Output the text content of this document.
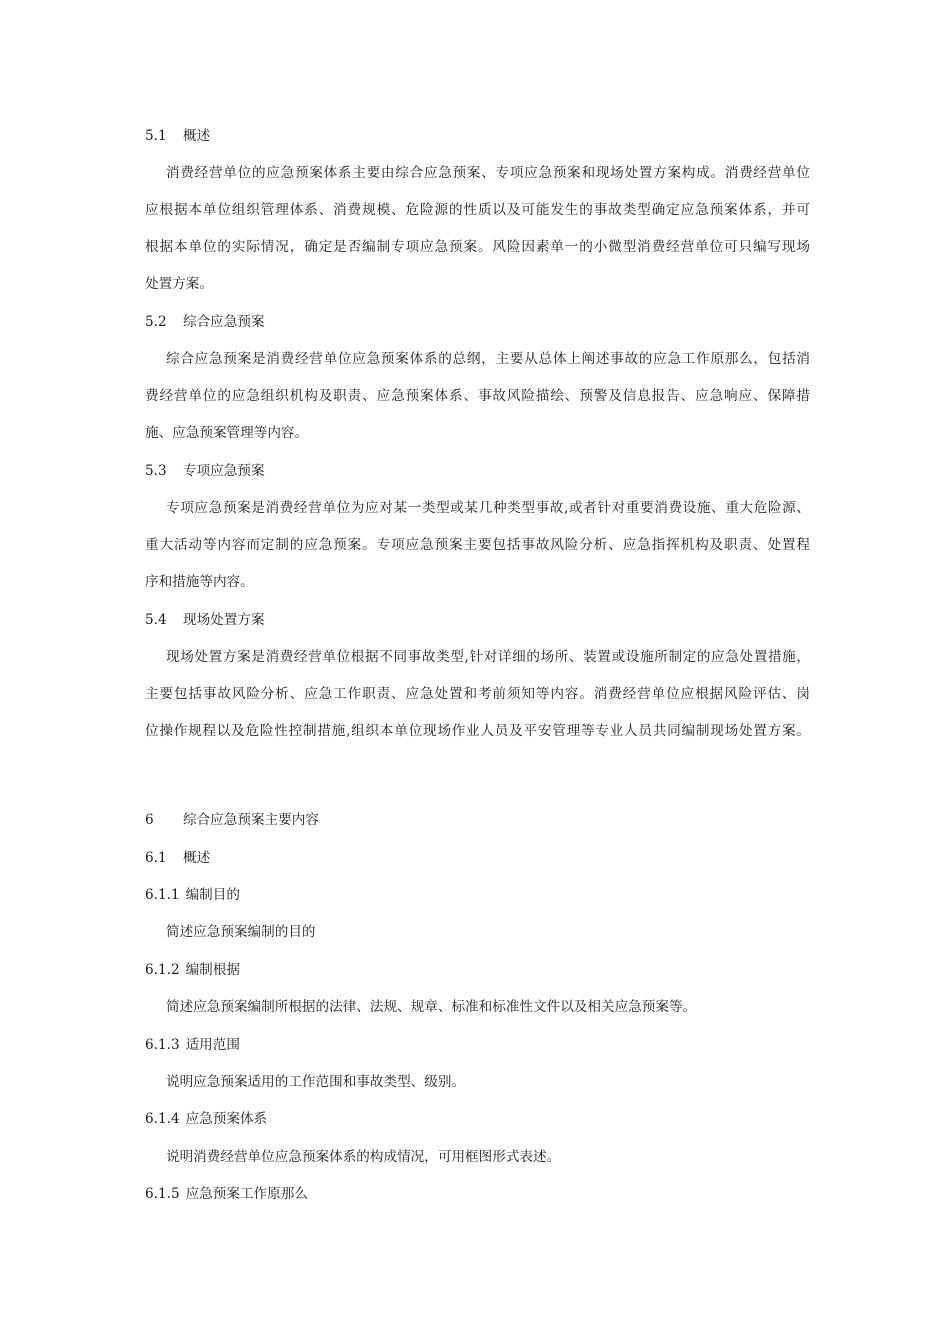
5.1 概述

消费经营单位的应急预案体系主要由综合应急预案、专项应急预案和现场处置方案构成。消费经营单位

应根据本单位组织管理体系、消费规模、危险源的性质以及可能发生的事故类型确定应急预案体系，并可

根据本单位的实际情况，确定是否编制专项应急预案。风险因素单一的小微型消费经营单位可只编写现场

处置方案。

5.2 综合应急预案

综合应急预案是消费经营单位应急预案体系的总纲，主要从总体上阐述事故的应急工作原那么，包括消

费经营单位的应急组织机构及职责、应急预案体系、事故风险描绘、预警及信息报告、应急响应、保障措

施、应急预案管理等内容。

5.3 专项应急预案

专项应急预案是消费经营单位为应对某一类型或某几种类型事故,或者针对重要消费设施、重大危险源、

重大活动等内容而定制的应急预案。专项应急预案主要包括事故风险分析、应急指挥机构及职责、处置程

序和措施等内容。

5.4 现场处置方案

现场处置方案是消费经营单位根据不同事故类型,针对详细的场所、装置或设施所制定的应急处置措施，

主要包括事故风险分析、应急工作职责、应急处置和考前须知等内容。消费经营单位应根据风险评估、岗

位操作规程以及危险性控制措施,组织本单位现场作业人员及平安管理等专业人员共同编制现场处置方案。

6 综合应急预案主要内容

6.1 概述

6.1.1 编制目的

简述应急预案编制的目的

6.1.2 编制根据

简述应急预案编制所根据的法律、法规、规章、标准和标准性文件以及相关应急预案等。

6.1.3 适用范围

说明应急预案适用的工作范围和事故类型、级别。

6.1.4 应急预案体系

说明消费经营单位应急预案体系的构成情况，可用框图形式表述。

6.1.5 应急预案工作原那么
